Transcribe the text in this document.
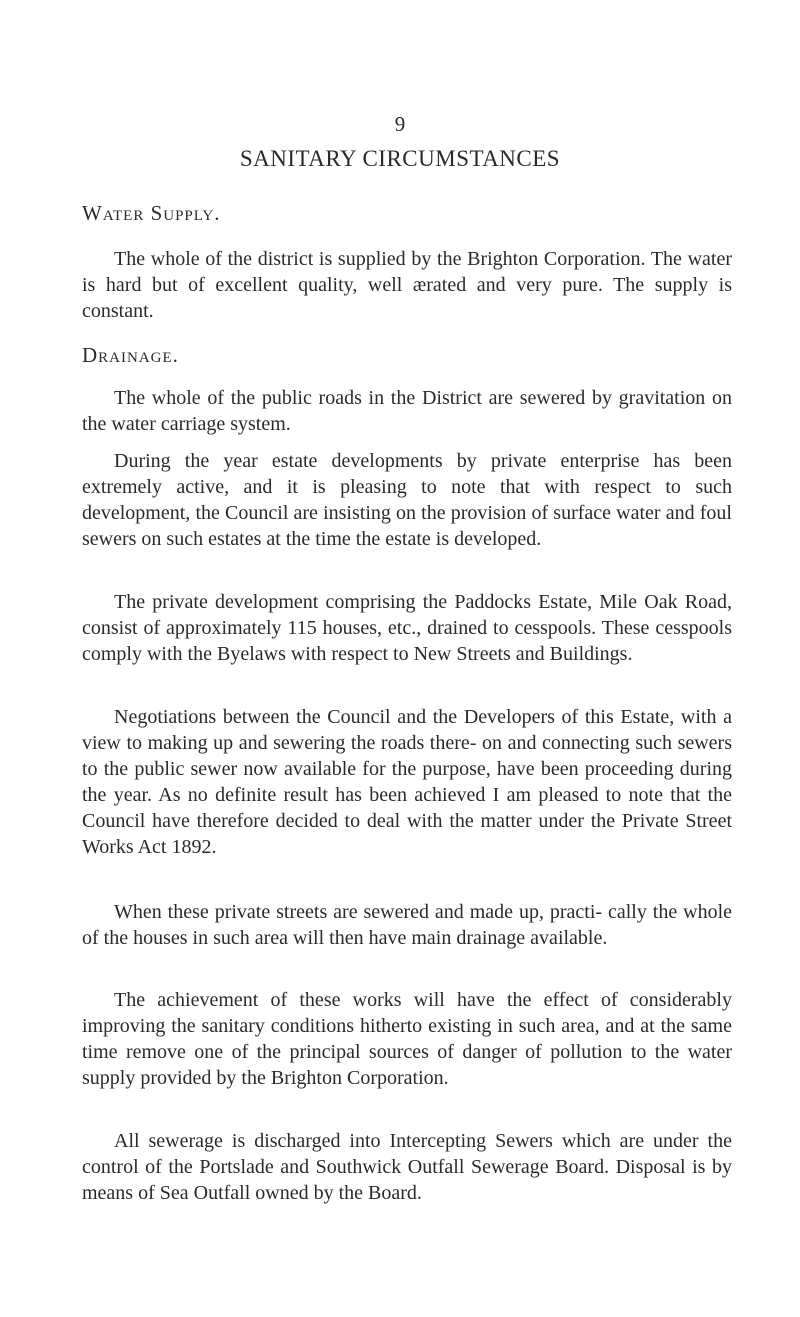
9
SANITARY CIRCUMSTANCES
Water Supply.

The whole of the district is supplied by the Brighton Corporation. The water is hard but of excellent quality, well ærated and very pure. The supply is constant.

Drainage.

The whole of the public roads in the District are sewered by gravitation on the water carriage system.

During the year estate developments by private enterprise has been extremely active, and it is pleasing to note that with respect to such development, the Council are insisting on the provision of surface water and foul sewers on such estates at the time the estate is developed.

The private development comprising the Paddocks Estate, Mile Oak Road, consist of approximately 115 houses, etc., drained to cesspools. These cesspools comply with the Byelaws with respect to New Streets and Buildings.

Negotiations between the Council and the Developers of this Estate, with a view to making up and sewering the roads there- on and connecting such sewers to the public sewer now available for the purpose, have been proceeding during the year. As no definite result has been achieved I am pleased to note that the Council have therefore decided to deal with the matter under the Private Street Works Act 1892.

When these private streets are sewered and made up, practi- cally the whole of the houses in such area will then have main drainage available.

The achievement of these works will have the effect of considerably improving the sanitary conditions hitherto existing in such area, and at the same time remove one of the principal sources of danger of pollution to the water supply provided by the Brighton Corporation.

All sewerage is discharged into Intercepting Sewers which are under the control of the Portslade and Southwick Outfall Sewerage Board. Disposal is by means of Sea Outfall owned by the Board.
